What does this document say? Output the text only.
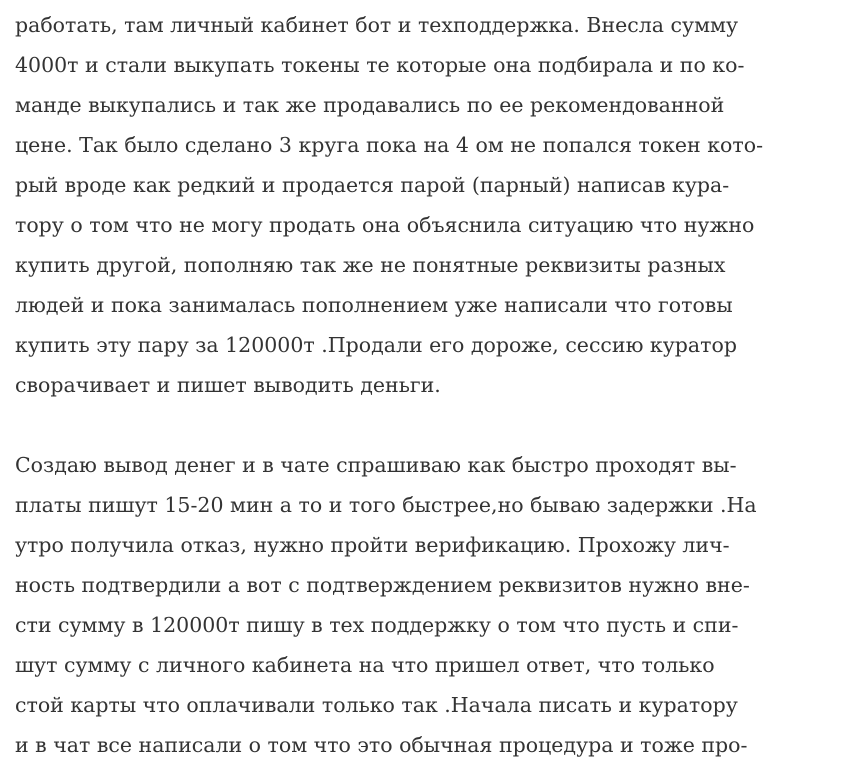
работать, там личный кабинет бот и техподдержка. Внесла сумму
4000т и стали выкупать токены те которые она подбирала и по ко-
манде выкупались и так же продавались по ее рекомендованной
цене. Так было сделано 3 круга пока на 4 ом не попался токен кото-
рый вроде как редкий и продается парой (парный) написав кура-
тору о том что не могу продать она объяснила ситуацию что нужно
купить другой, пополняю так же не понятные реквизиты разных
людей и пока занималась пополнением уже написали что готовы
купить эту пару за 120000т .Продали его дороже, сессию куратор
сворачивает и пишет выводить деньги.

Создаю вывод денег и в чате спрашиваю как быстро проходят вы-
платы пишут 15-20 мин а то и того быстрее,но бываю задержки .На
утро получила отказ, нужно пройти верификацию. Прохожу лич-
ность подтвердили а вот с подтверждением реквизитов нужно вне-
сти сумму в 120000т пишу в тех поддержку о том что пусть и спи-
шут сумму с личного кабинета на что пришел ответ, что только
стой карты что оплачивали только так .Начала писать и куратору
и в чат все написали о том что это обычная процедура и тоже про-
